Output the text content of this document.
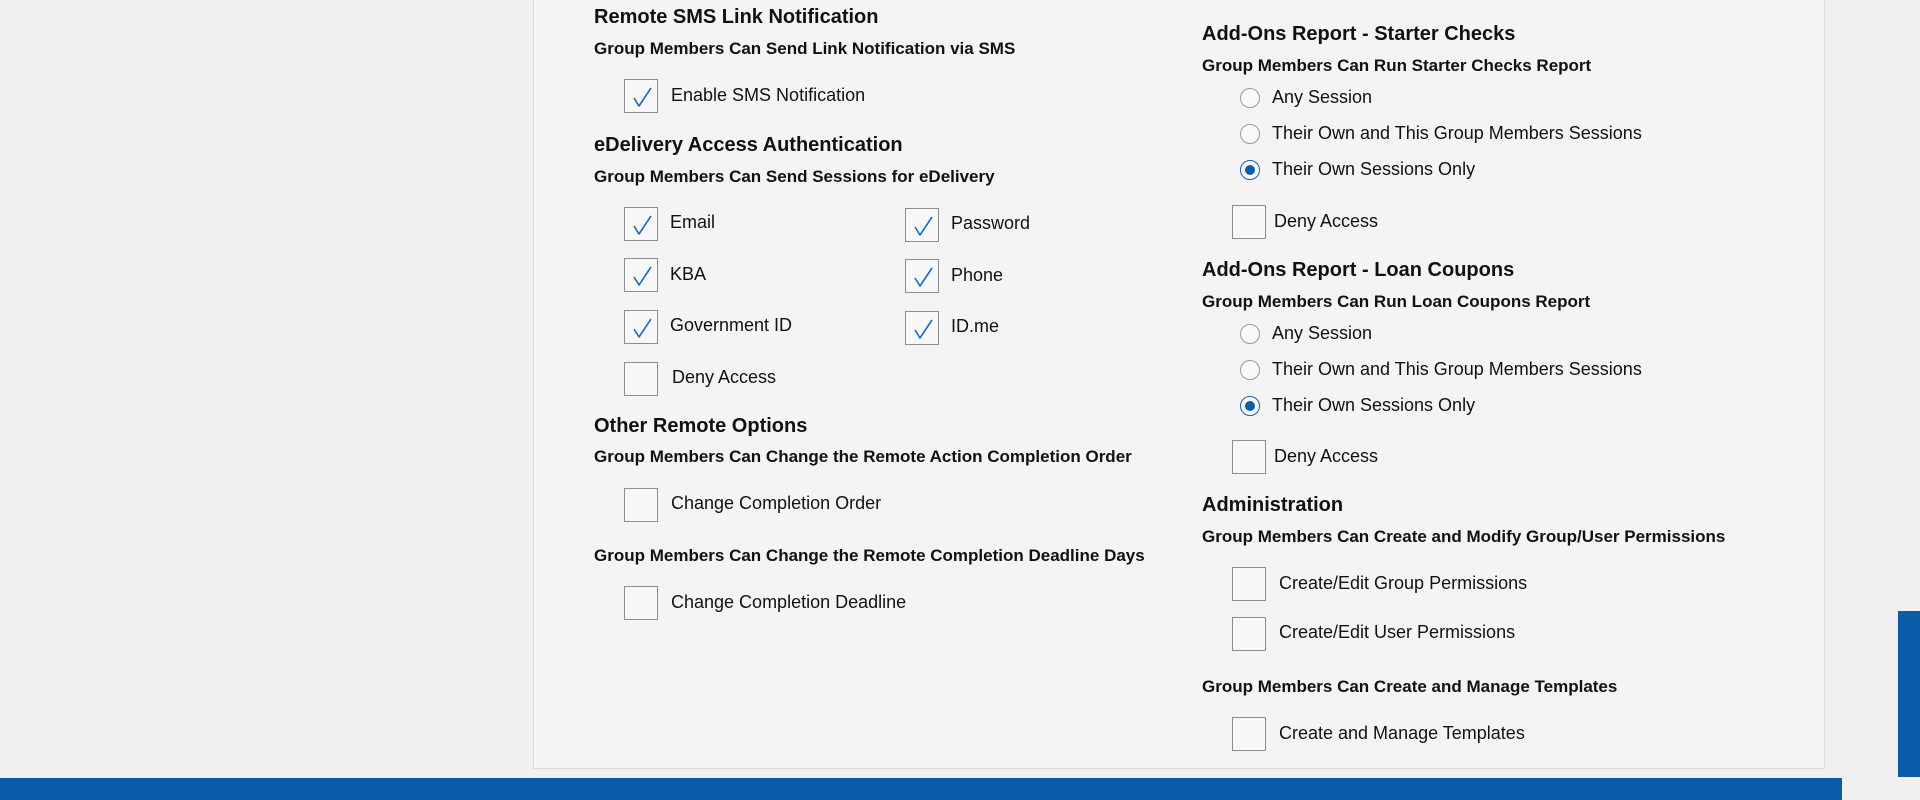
Remote SMS Link Notification
Group Members Can Send Link Notification via SMS
Enable SMS Notification
eDelivery Access Authentication
Group Members Can Send Sessions for eDelivery
Email	Password
KBA	Phone
Government ID	ID.me
Deny Access
Other Remote Options
Group Members Can Change the Remote Action Completion Order
Change Completion Order
Group Members Can Change the Remote Completion Deadline Days
Change Completion Deadline
Add-Ons Report - Starter Checks
Group Members Can Run Starter Checks Report
Any Session
Their Own and This Group Members Sessions
Their Own Sessions Only
Deny Access
Add-Ons Report - Loan Coupons
Group Members Can Run Loan Coupons Report
Any Session
Their Own and This Group Members Sessions
Their Own Sessions Only
Deny Access
Administration
Group Members Can Create and Modify Group/User Permissions
Create/Edit Group Permissions
Create/Edit User Permissions
Group Members Can Create and Manage Templates
Create and Manage Templates
